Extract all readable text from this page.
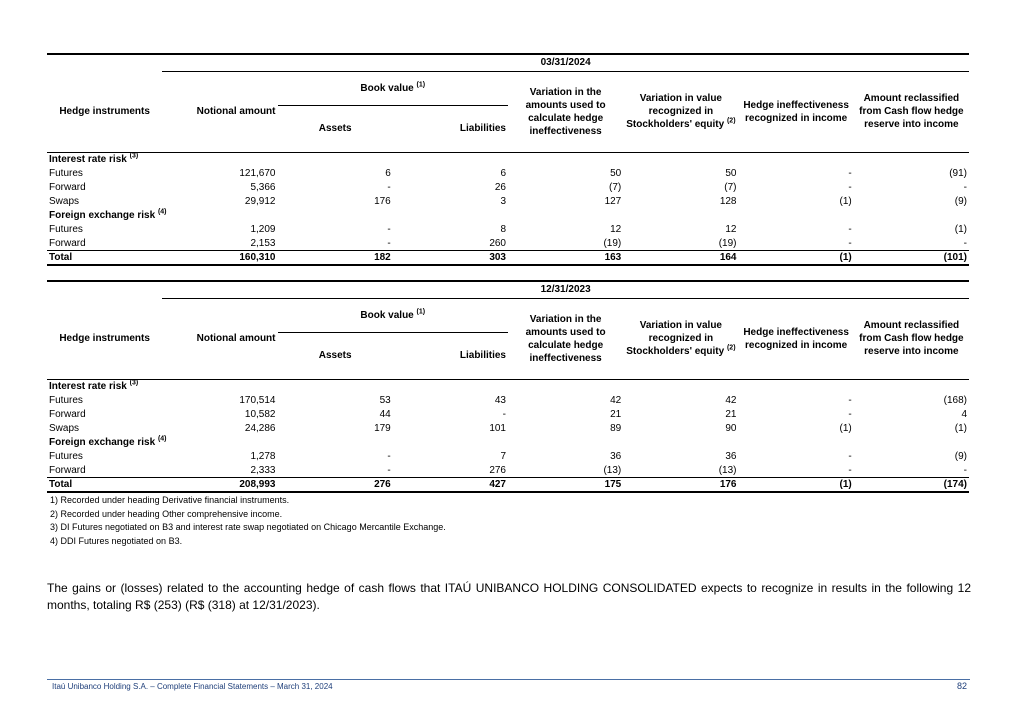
	03/31/2024						
Hedge instruments	Notional amount	Book value $^{(1)}$		Variation in the amounts used to calculate hedge ineffectiveness	Variation in value recognized in Stockholders' equity $^{(2)}$	Hedge ineffectiveness recognized in income	Amount reclassified from Cash flow hedge reserve into income
		Assets	Liabilities				

Interest rate risk $^{(3)}$
Futures	121,670	6	6	50	50	-	(91)
Forward	5,366	-	26	(7)	(7)	-	-
Swaps	29,912	176	3	127	128	(1)	(9)
Foreign exchange risk $^{(4)}$
Futures	1,209	-	8	12	12	-	(1)
Forward	2,153	-	260	(19)	(19)	-	-
Total	160,310	182	303	163	164	(1)	(101)
	12/31/2023						
Hedge instruments	Notional amount	Book value $^{(1)}$		Variation in the amounts used to calculate hedge ineffectiveness	Variation in value recognized in Stockholders' equity $^{(2)}$	Hedge ineffectiveness recognized in income	Amount reclassified from Cash flow hedge reserve into income
		Assets	Liabilities				

Interest rate risk $^{(3)}$
Futures	170,514	53	43	42	42	-	(168)
Forward	10,582	44	-	21	21	-	4
Swaps	24,286	179	101	89	90	(1)	(1)
Foreign exchange risk $^{(4)}$
Futures	1,278	-	7	36	36	-	(9)
Forward	2,333	-	276	(13)	(13)	-	-
Total	208,993	276	427	175	176	(1)	(174)
1) Recorded under heading Derivative financial instruments.
2) Recorded under heading Other comprehensive income.
3) DI Futures negotiated on B3 and interest rate swap negotiated on Chicago Mercantile Exchange.
4) DDI Futures negotiated on B3.
The gains or (losses) related to the accounting hedge of cash flows that ITAÚ UNIBANCO HOLDING CONSOLIDATED expects to recognize in results in the following 12 months, totaling R$ (253) (R$ (318) at 12/31/2023).
Itaú Unibanco Holding S.A. – Complete Financial Statements – March 31, 2024	82
